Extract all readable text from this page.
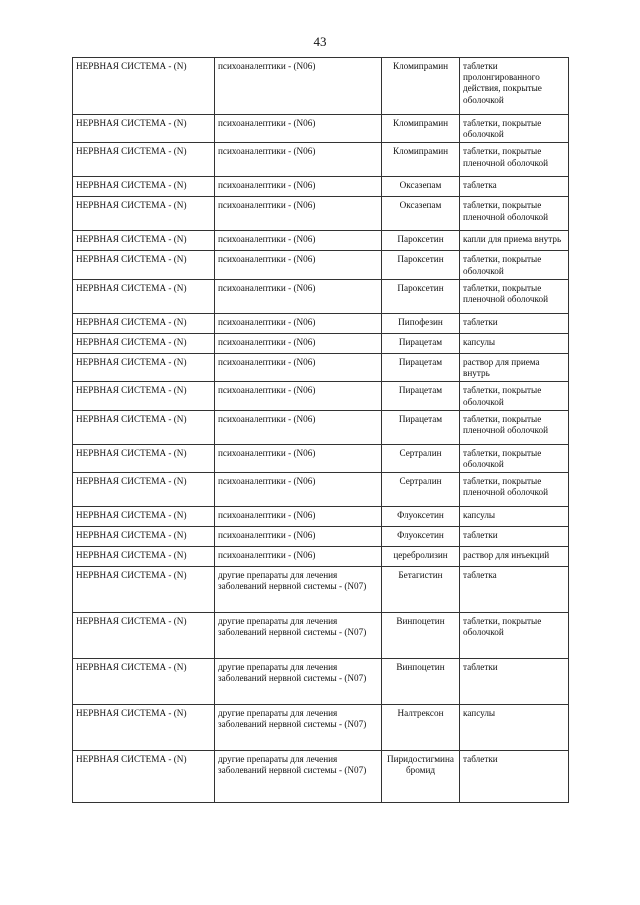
43
НЕРВНАЯ СИСТЕМА - (N)	психоаналептики - (N06)	Кломипрамин	таблетки пролонгированного действия, покрытые оболочкой
НЕРВНАЯ СИСТЕМА - (N)	психоаналептики - (N06)	Кломипрамин	таблетки, покрытые оболочкой
НЕРВНАЯ СИСТЕМА - (N)	психоаналептики - (N06)	Кломипрамин	таблетки, покрытые пленочной оболочкой
НЕРВНАЯ СИСТЕМА - (N)	психоаналептики - (N06)	Оксазепам	таблетка
НЕРВНАЯ СИСТЕМА - (N)	психоаналептики - (N06)	Оксазепам	таблетки, покрытые пленочной оболочкой
НЕРВНАЯ СИСТЕМА - (N)	психоаналептики - (N06)	Пароксетин	капли для приема внутрь
НЕРВНАЯ СИСТЕМА - (N)	психоаналептики - (N06)	Пароксетин	таблетки, покрытые оболочкой
НЕРВНАЯ СИСТЕМА - (N)	психоаналептики - (N06)	Пароксетин	таблетки, покрытые пленочной оболочкой
НЕРВНАЯ СИСТЕМА - (N)	психоаналептики - (N06)	Пипофезин	таблетки
НЕРВНАЯ СИСТЕМА - (N)	психоаналептики - (N06)	Пирацетам	капсулы
НЕРВНАЯ СИСТЕМА - (N)	психоаналептики - (N06)	Пирацетам	раствор для приема внутрь
НЕРВНАЯ СИСТЕМА - (N)	психоаналептики - (N06)	Пирацетам	таблетки, покрытые оболочкой
НЕРВНАЯ СИСТЕМА - (N)	психоаналептики - (N06)	Пирацетам	таблетки, покрытые пленочной оболочкой
НЕРВНАЯ СИСТЕМА - (N)	психоаналептики - (N06)	Сертралин	таблетки, покрытые оболочкой
НЕРВНАЯ СИСТЕМА - (N)	психоаналептики - (N06)	Сертралин	таблетки, покрытые пленочной оболочкой
НЕРВНАЯ СИСТЕМА - (N)	психоаналептики - (N06)	Флуоксетин	капсулы
НЕРВНАЯ СИСТЕМА - (N)	психоаналептики - (N06)	Флуоксетин	таблетки
НЕРВНАЯ СИСТЕМА - (N)	психоаналептики - (N06)	церебролизин	раствор для инъекций
НЕРВНАЯ СИСТЕМА - (N)	другие препараты для лечения заболеваний нервной системы - (N07)	Бетагистин	таблетка
НЕРВНАЯ СИСТЕМА - (N)	другие препараты для лечения заболеваний нервной системы - (N07)	Винпоцетин	таблетки, покрытые оболочкой
НЕРВНАЯ СИСТЕМА - (N)	другие препараты для лечения заболеваний нервной системы - (N07)	Винпоцетин	таблетки
НЕРВНАЯ СИСТЕМА - (N)	другие препараты для лечения заболеваний нервной системы - (N07)	Налтрексон	капсулы
НЕРВНАЯ СИСТЕМА - (N)	другие препараты для лечения заболеваний нервной системы - (N07)	Пиридостигмина бромид	таблетки
